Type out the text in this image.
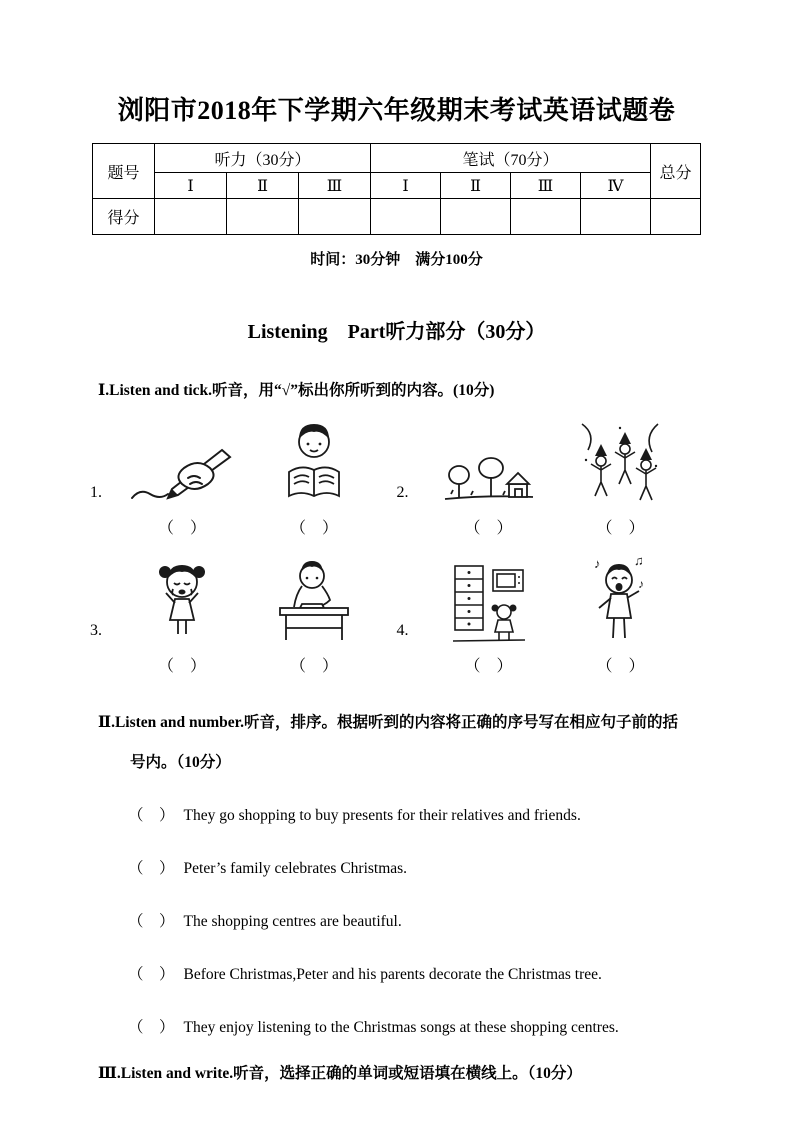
浏阳市2018年下学期六年级期末考试英语试题卷
题号	听力（30分）			笔试（70分）				总分
	Ⅰ	Ⅱ	Ⅲ	Ⅰ	Ⅱ	Ⅲ	Ⅳ	
得分								
时间：30分钟　满分100分
Listening　Part听力部分（30分）
Ⅰ.Listen and tick.听音，用“√”标出你所听到的内容。(10分)
1.
（　）	（　）
2.
（　）	（　）
3.
（　）	（　）
4.
（　）
♪	♫
♪
（　）
Ⅱ.Listen and number.听音，排序。根据听到的内容将正确的序号写在相应句子前的括
号内。（10分）
（　） They go shopping to buy presents for their relatives and friends.
（　） Peter’s family celebrates Christmas.
（　） The shopping centres are beautiful.
（　） Before Christmas,Peter and his parents decorate the Christmas tree.
（　） They enjoy listening to the Christmas songs at these shopping centres.
Ⅲ.Listen and write.听音，选择正确的单词或短语填在横线上。（10分）
